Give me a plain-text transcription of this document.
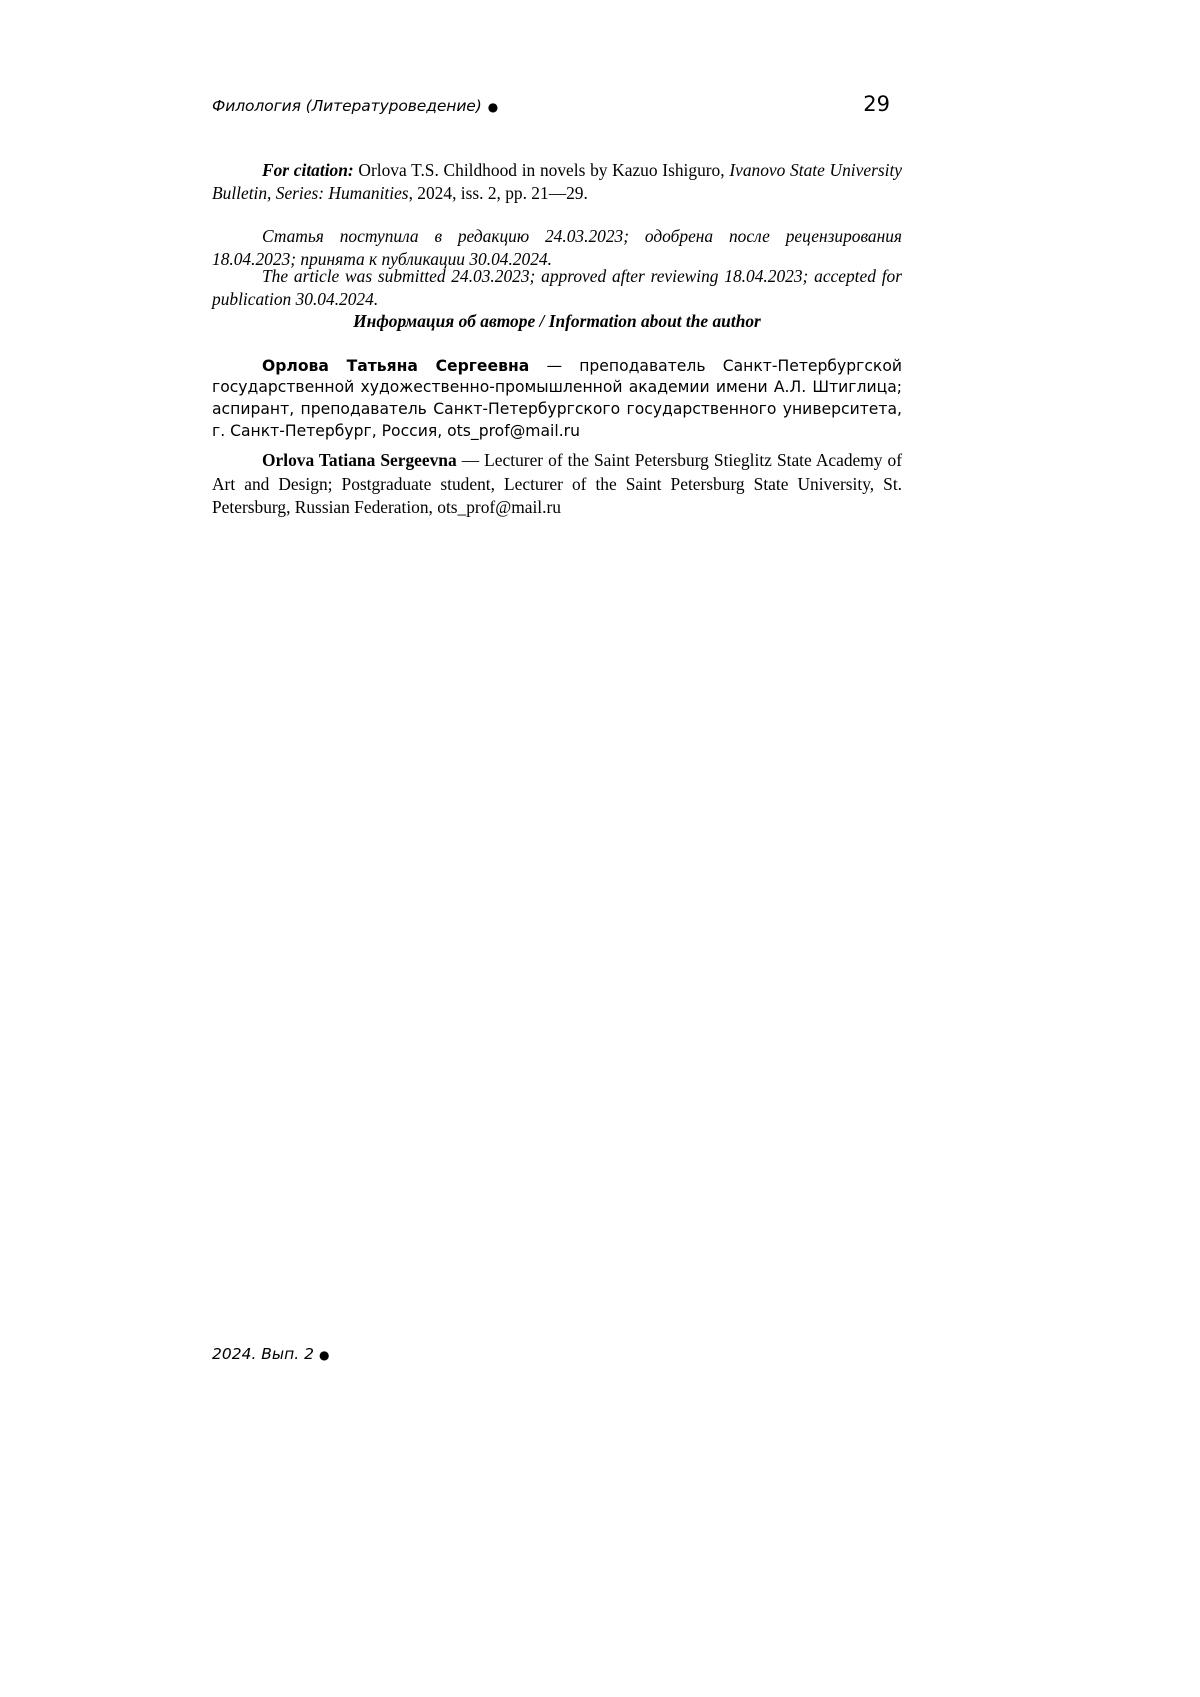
Филология (Литературоведение) ●	29

For citation: Orlova T.S. Childhood in novels by Kazuo Ishiguro, Ivanovo State University Bulletin, Series: Humanities, 2024, iss. 2, pp. 21—29.

Статья поступила в редакцию 24.03.2023; одобрена после рецензирования 18.04.2023; принята к публикации 30.04.2024.

The article was submitted 24.03.2023; approved after reviewing 18.04.2023; accepted for publication 30.04.2024.

Информация об авторе / Information about the author

Орлова Татьяна Сергеевна — преподаватель Санкт-Петербургской государственной художественно-промышленной академии имени А.Л. Штиглица; аспирант, преподаватель Санкт-Петербургского государственного университета, г. Санкт-Петербург, Россия, ots_prof@mail.ru

Orlova Tatiana Sergeevna — Lecturer of the Saint Petersburg Stieglitz State Academy of Art and Design; Postgraduate student, Lecturer of the Saint Petersburg State University, St. Petersburg, Russian Federation, ots_prof@mail.ru

2024. Вып. 2 ●
